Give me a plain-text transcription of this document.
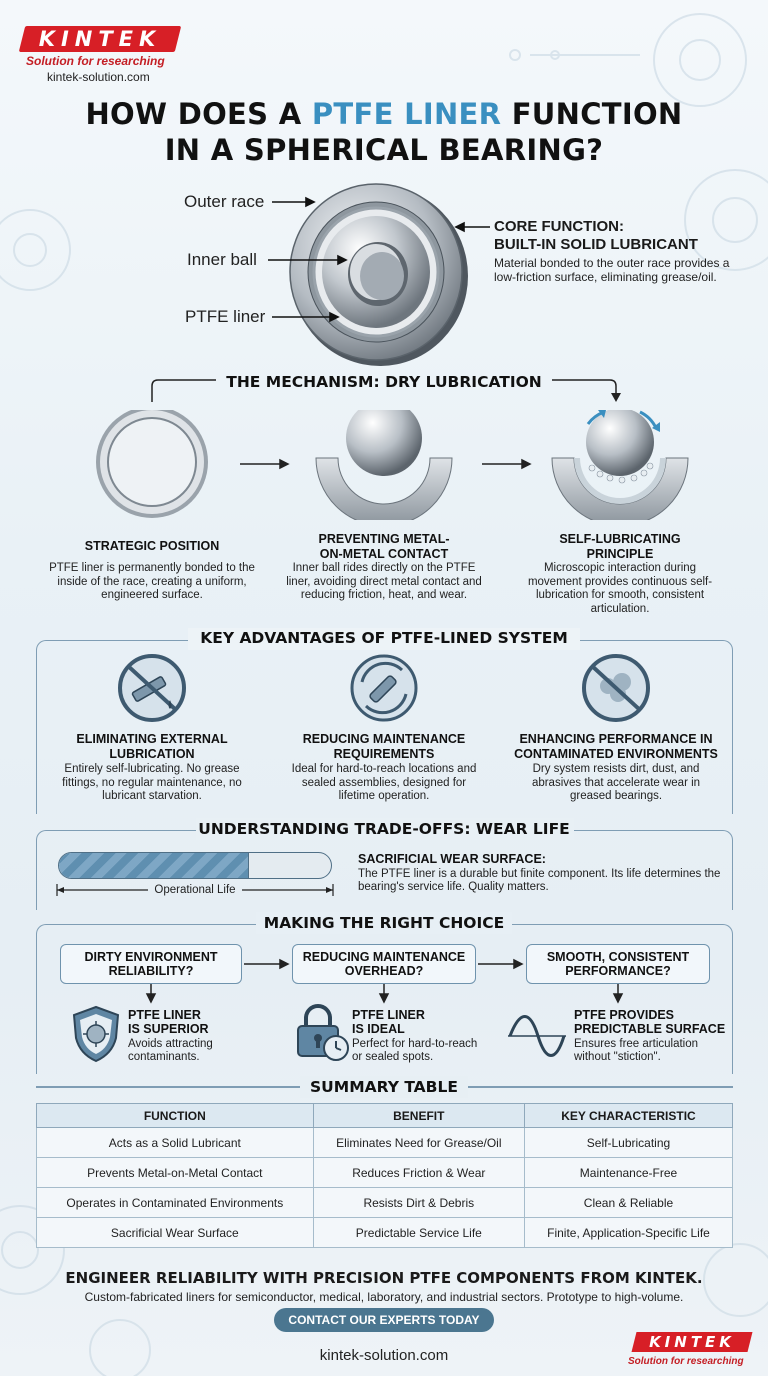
KINTEK
Solution for researching
kintek-solution.com
HOW DOES A PTFE LINER FUNCTION
IN A SPHERICAL BEARING?
Outer race
Inner ball
PTFE liner
CORE FUNCTION:
BUILT-IN SOLID LUBRICANT
Material bonded to the outer race provides a low-friction surface, eliminating grease/oil.
THE MECHANISM: DRY LUBRICATION
STRATEGIC POSITION
PTFE liner is permanently bonded to the inside of the race, creating a uniform, engineered surface.
PREVENTING METAL-ON-METAL CONTACT
Inner ball rides directly on the PTFE liner, avoiding direct metal contact and reducing friction, heat, and wear.
SELF-LUBRICATING PRINCIPLE
Microscopic interaction during movement provides continuous self-lubrication for smooth, consistent articulation.
KEY ADVANTAGES OF PTFE-LINED SYSTEM
ELIMINATING EXTERNAL LUBRICATION
Entirely self-lubricating. No grease fittings, no regular maintenance, no lubricant starvation.
REDUCING MAINTENANCE REQUIREMENTS
Ideal for hard-to-reach locations and sealed assemblies, designed for lifetime operation.
ENHANCING PERFORMANCE IN CONTAMINATED ENVIRONMENTS
Dry system resists dirt, dust, and abrasives that accelerate wear in greased bearings.
UNDERSTANDING TRADE-OFFS: WEAR LIFE
Operational Life
SACRIFICIAL WEAR SURFACE:
The PTFE liner is a durable but finite component. Its life determines the bearing's service life. Quality matters.
MAKING THE RIGHT CHOICE
DIRTY ENVIRONMENT RELIABILITY?
REDUCING MAINTENANCE OVERHEAD?
SMOOTH, CONSISTENT PERFORMANCE?
PTFE LINER
IS SUPERIOR
Avoids attracting contaminants.
PTFE LINER
IS IDEAL
Perfect for hard-to-reach or sealed spots.
PTFE PROVIDES
PREDICTABLE SURFACE
Ensures free articulation without "stiction".
SUMMARY TABLE
FUNCTION	BENEFIT	KEY CHARACTERISTIC
Acts as a Solid Lubricant	Eliminates Need for Grease/Oil	Self-Lubricating
Prevents Metal-on-Metal Contact	Reduces Friction & Wear	Maintenance-Free
Operates in Contaminated Environments	Resists Dirt & Debris	Clean & Reliable
Sacrificial Wear Surface	Predictable Service Life	Finite, Application-Specific Life
ENGINEER RELIABILITY WITH PRECISION PTFE COMPONENTS FROM KINTEK.
Custom-fabricated liners for semiconductor, medical, laboratory, and industrial sectors. Prototype to high-volume.
CONTACT OUR EXPERTS TODAY
kintek-solution.com
KINTEK
Solution for researching
